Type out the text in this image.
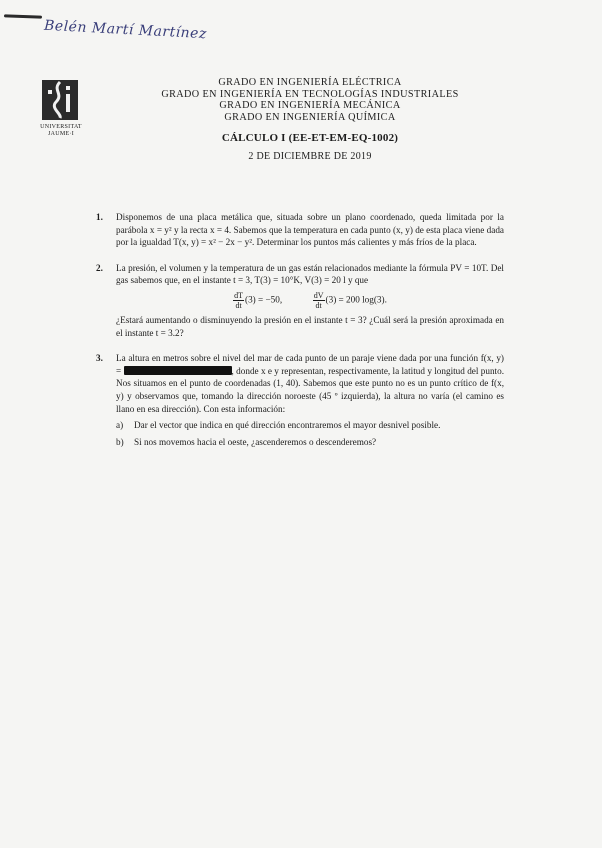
Belén Martí Martínez
UNIVERSITAT JAUME·I
GRADO EN INGENIERÍA ELÉCTRICA
GRADO EN INGENIERÍA EN TECNOLOGÍAS INDUSTRIALES
GRADO EN INGENIERÍA MECÁNICA
GRADO EN INGENIERÍA QUÍMICA
CÁLCULO I (EE-ET-EM-EQ-1002)
2 DE DICIEMBRE DE 2019
1. Disponemos de una placa metálica que, situada sobre un plano coordenado, queda limitada por la parábola x = y² y la recta x = 4. Sabemos que la temperatura en cada punto (x, y) de esta placa viene dada por la igualdad T(x, y) = x² − 2x − y². Determinar los puntos más calientes y más fríos de la placa.

2. La presión, el volumen y la temperatura de un gas están relacionados mediante la fórmula PV = 10T. Del gas sabemos que, en el instante t = 3, T(3) = 10°K, V(3) = 20 l y que

$\frac{dT}{dt} (3) = -50$,	$\frac{dV}{dt} (3) = 200$ log(3).

¿Estará aumentando o disminuyendo la presión en el instante t = 3? ¿Cuál será la presión aproximada en el instante t = 3.2?

3. La altura en metros sobre el nivel del mar de cada punto de un paraje viene dada por una función f(x, y) =	, donde x e y representan, respectivamente, la latitud y longitud del punto. Nos situamos en el punto de coordenadas (1, 40). Sabemos que este punto no es un punto crítico de f(x, y) y observamos que, tomando la dirección noroeste (45 º izquierda), la altura no varía (el camino es llano en esa dirección). Con esta información:

a) Dar el vector que indica en qué dirección encontraremos el mayor desnivel posible.
b) Si nos movemos hacia el oeste, ¿ascenderemos o descenderemos?
